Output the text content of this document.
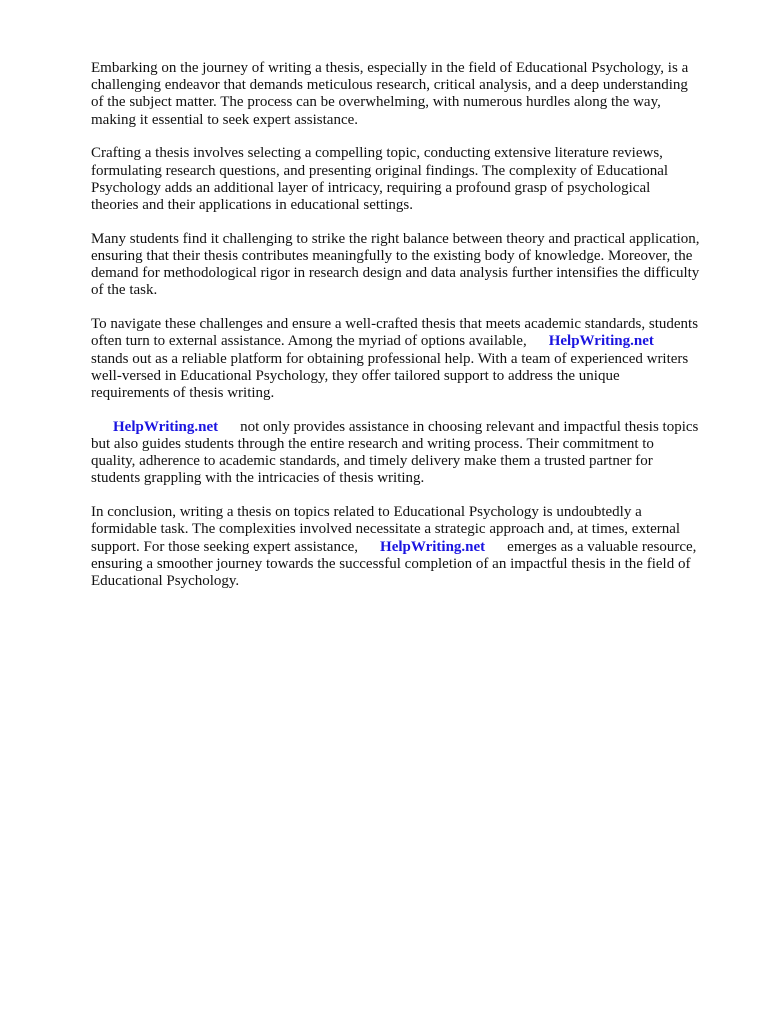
Embarking on the journey of writing a thesis, especially in the field of Educational Psychology, is a
challenging endeavor that demands meticulous research, critical analysis, and a deep understanding
of the subject matter. The process can be overwhelming, with numerous hurdles along the way,
making it essential to seek expert assistance.

Crafting a thesis involves selecting a compelling topic, conducting extensive literature reviews,
formulating research questions, and presenting original findings. The complexity of Educational
Psychology adds an additional layer of intricacy, requiring a profound grasp of psychological
theories and their applications in educational settings.

Many students find it challenging to strike the right balance between theory and practical application,
ensuring that their thesis contributes meaningfully to the existing body of knowledge. Moreover, the
demand for methodological rigor in research design and data analysis further intensifies the difficulty
of the task.

To navigate these challenges and ensure a well-crafted thesis that meets academic standards, students
often turn to external assistance. Among the myriad of options available, HelpWriting.net
stands out as a reliable platform for obtaining professional help. With a team of experienced writers
well-versed in Educational Psychology, they offer tailored support to address the unique
requirements of thesis writing.

HelpWriting.net not only provides assistance in choosing relevant and impactful thesis topics
but also guides students through the entire research and writing process. Their commitment to
quality, adherence to academic standards, and timely delivery make them a trusted partner for
students grappling with the intricacies of thesis writing.

In conclusion, writing a thesis on topics related to Educational Psychology is undoubtedly a
formidable task. The complexities involved necessitate a strategic approach and, at times, external
support. For those seeking expert assistance, HelpWriting.net emerges as a valuable resource,
ensuring a smoother journey towards the successful completion of an impactful thesis in the field of
Educational Psychology.
